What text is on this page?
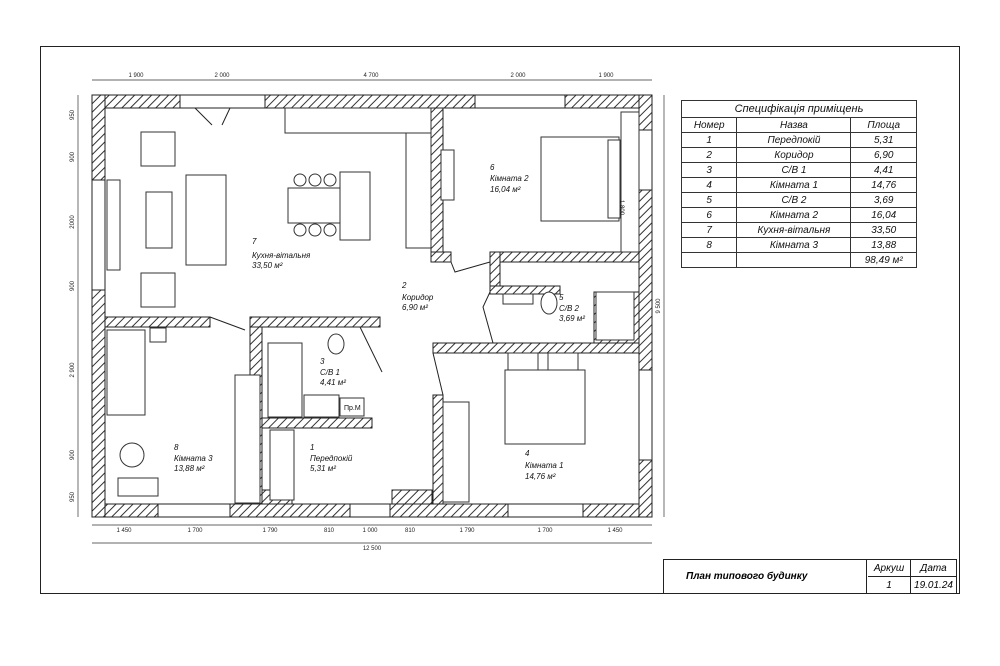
7
Кухня-вітальня
33,50 м²
2
Коридор
6,90 м²
6
Кімната 2
16,04 м²
5
С/В 2
3,69 м²
3
С/В 1
4,41 м²
1
Передпокій
5,31 м²
4
Кімната 1
14,76 м²
8
Кімната 3
13,88 м²
Пр.М
1 800
1 900	2 000	4 700	2 000	1 900
1 450	1 700	1 790	810	1 000	810	1 790	1 700	1 450
12 500
950
900
2000
900
2 900
900
950
9 500
Специфікація приміщень
Номер	Назва	Площа
1	Передпокій	5,31
2	Коридор	6,90
3	С/В 1	4,41
4	Кімната 1	14,76
5	С/В 2	3,69
6	Кімната 2	16,04
7	Кухня-вітальня	33,50
8	Кімната 3	13,88
		98,49 м²
План типового будинку
Аркуш	Дата
1	19.01.24
